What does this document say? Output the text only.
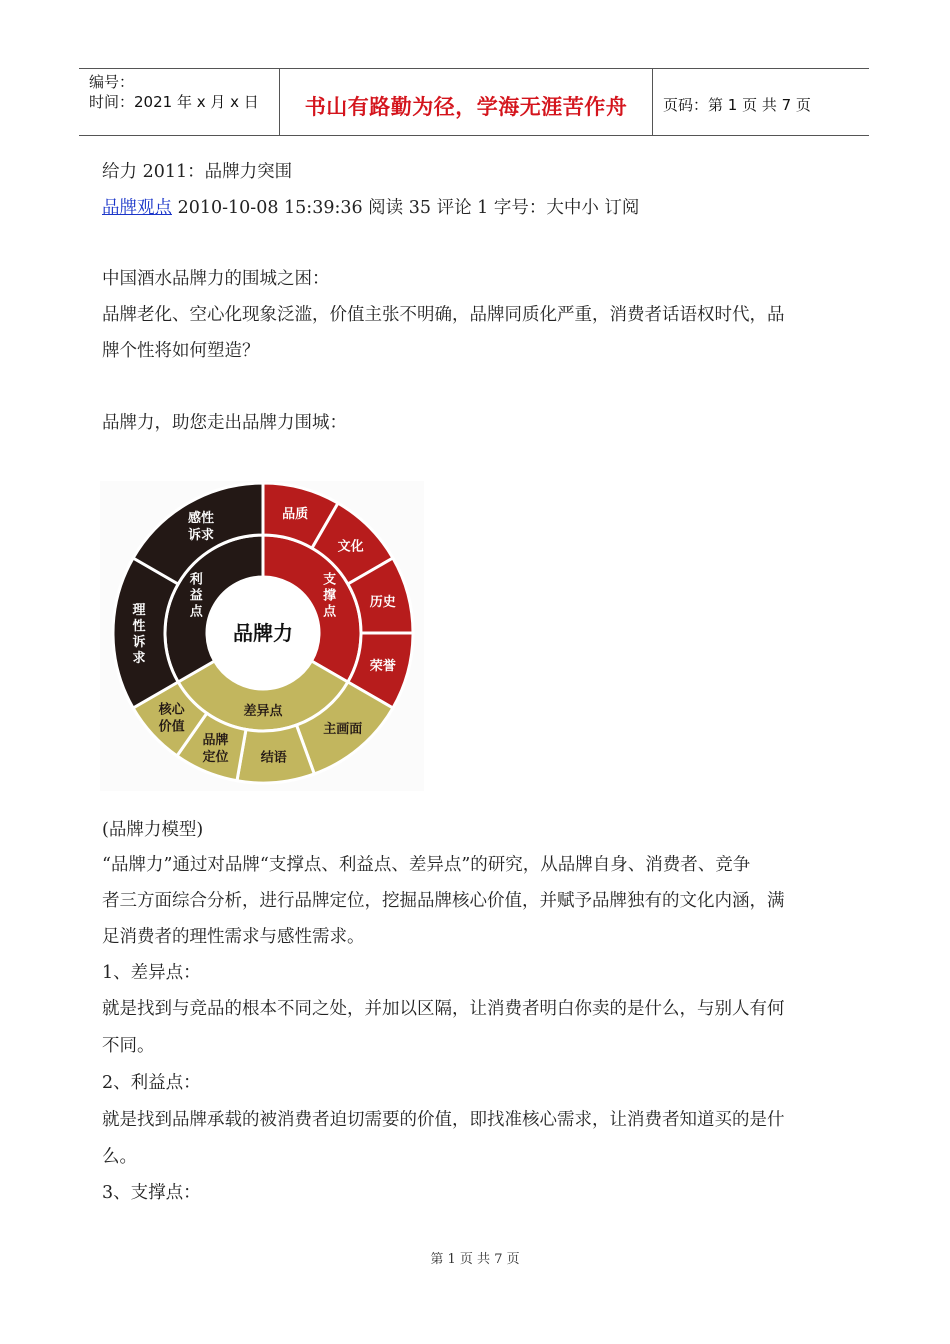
编号：
时间：2021 年 x 月 x 日	书山有路勤为径，学海无涯苦作舟	页码：第 1 页 共 7 页
给力 2011：品牌力突围
品牌观点 2010-10-08 15:39:36 阅读 35 评论 1 字号：大中小 订阅
中国酒水品牌力的围城之困：
品牌老化、空心化现象泛滥，价值主张不明确，品牌同质化严重，消费者话语权时代，品
牌个性将如何塑造？
品牌力，助您走出品牌力围城：
支
撑
点
差异点
利
益
点
品质
文化
历史
荣誉
主画面
结语
品牌
定位
核心
价值
理
性
诉
求
感性
诉求
品牌力
(品牌力模型)
“品牌力”通过对品牌“支撑点、利益点、差异点”的研究，从品牌自身、消费者、竞争
者三方面综合分析，进行品牌定位，挖掘品牌核心价值，并赋予品牌独有的文化内涵，满
足消费者的理性需求与感性需求。
1、差异点：
就是找到与竞品的根本不同之处，并加以区隔，让消费者明白你卖的是什么，与别人有何
不同。
2、利益点：
就是找到品牌承载的被消费者迫切需要的价值，即找准核心需求，让消费者知道买的是什
么。
3、支撑点：
第 1 页 共 7 页
